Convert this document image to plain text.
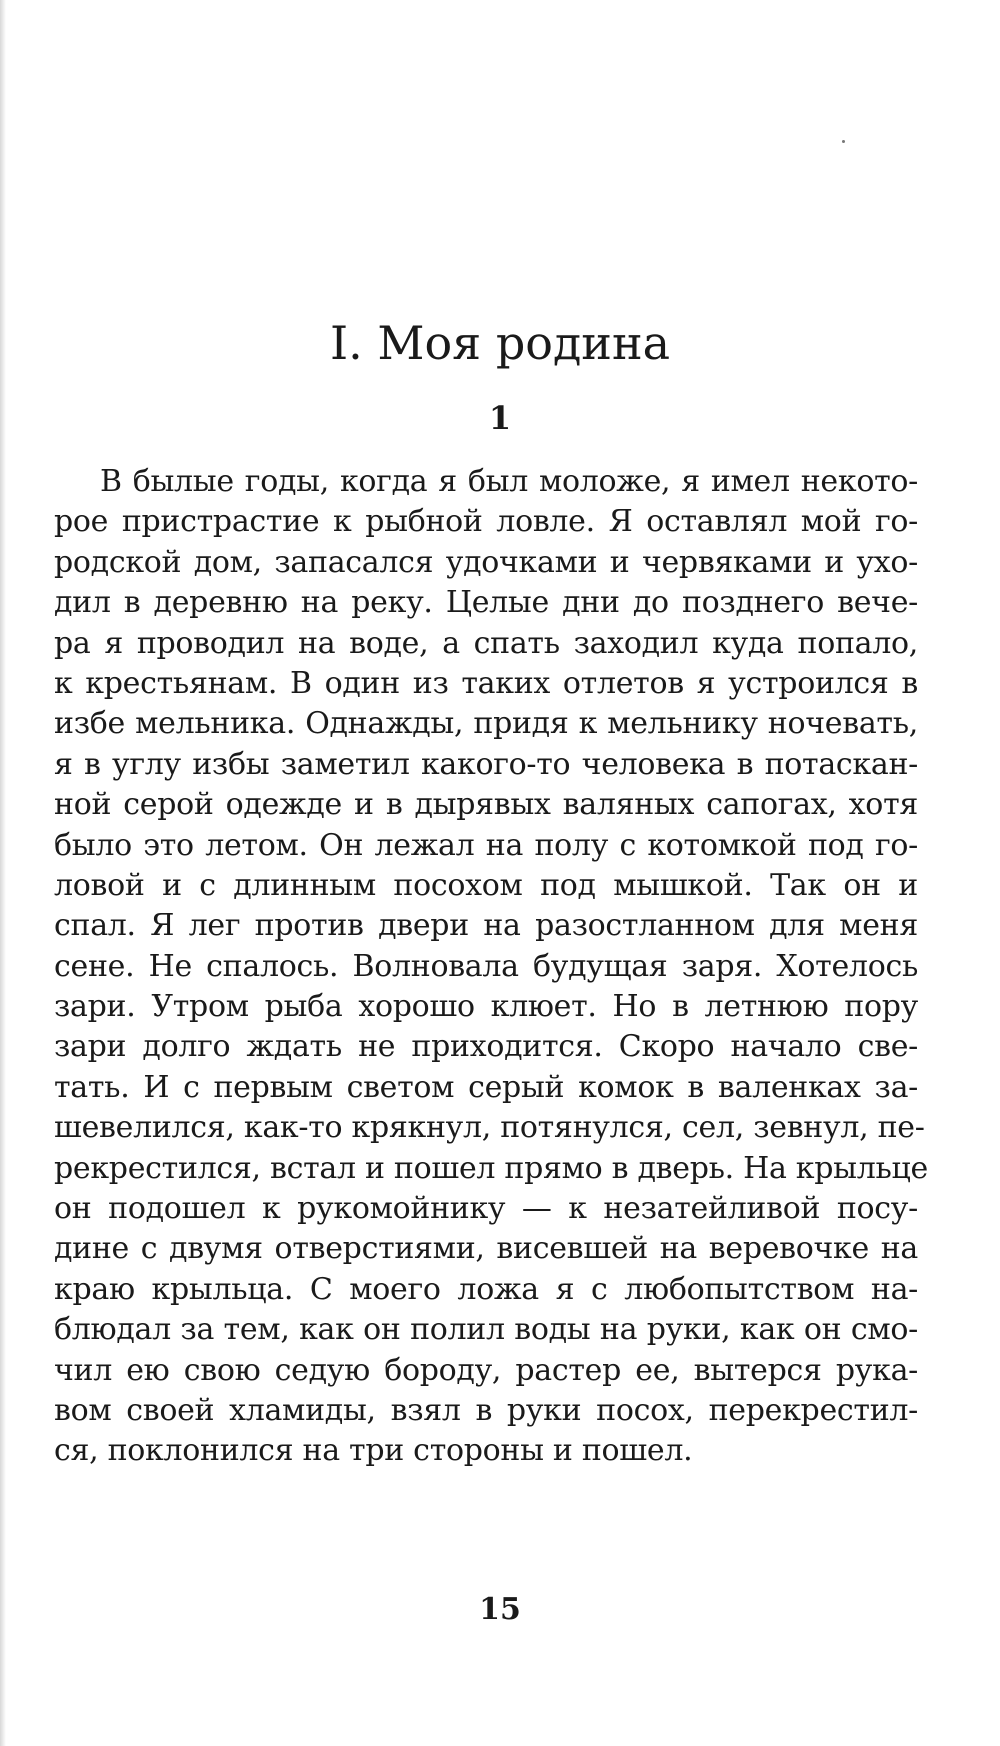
I. Моя родина
1
В былые годы, когда я был моложе, я имел некото-
рое пристрастие к рыбной ловле. Я оставлял мой го-
родской дом, запасался удочками и червяками и ухо-
дил в деревню на реку. Целые дни до позднего вече-
ра я проводил на воде, а спать заходил куда попало,
к крестьянам. В один из таких отлетов я устроился в
избе мельника. Однажды, придя к мельнику ночевать,
я в углу избы заметил какого-то человека в потаскан-
ной серой одежде и в дырявых валяных сапогах, хотя
было это летом. Он лежал на полу с котомкой под го-
ловой и с длинным посохом под мышкой. Так он и
спал. Я лег против двери на разостланном для меня
сене. Не спалось. Волновала будущая заря. Хотелось
зари. Утром рыба хорошо клюет. Но в летнюю пору
зари долго ждать не приходится. Скоро начало све-
тать. И с первым светом серый комок в валенках за-
шевелился, как-то крякнул, потянулся, сел, зевнул, пе-
рекрестился, встал и пошел прямо в дверь. На крыльце
он подошел к рукомойнику — к незатейливой посу-
дине с двумя отверстиями, висевшей на веревочке на
краю крыльца. С моего ложа я с любопытством на-
блюдал за тем, как он полил воды на руки, как он смо-
чил ею свою седую бороду, растер ее, вытерся рука-
вом своей хламиды, взял в руки посох, перекрестил-
ся, поклонился на три стороны и пошел.
15
